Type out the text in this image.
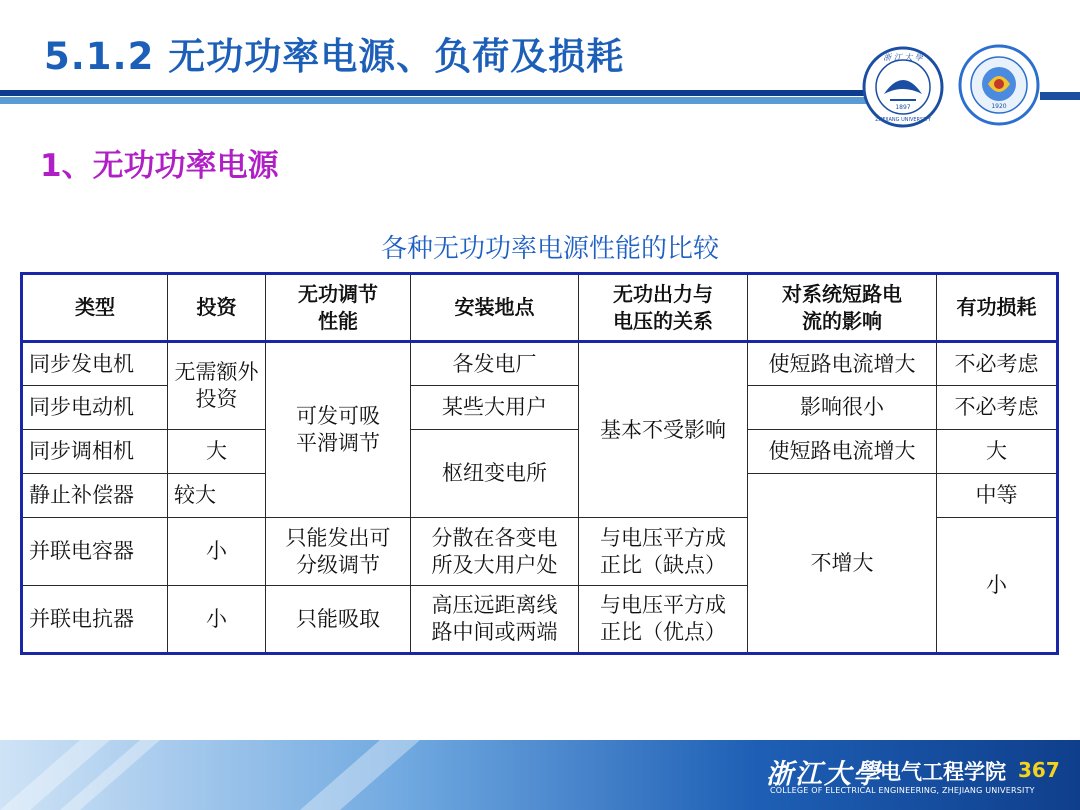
5.1.2 无功功率电源、负荷及损耗	浙 江 大 學
1897
ZHEJIANG UNIVERSITY
1920
1、无功功率电源
各种无功功率电源性能的比较
类型	投资	无功调节性能	安装地点	无功出力与电压的关系	对系统短路电流的影响	有功损耗
同步发电机	无需额外投资	可发可吸平滑调节	各发电厂	基本不受影响	使短路电流增大	不必考虑
同步电动机			某些大用户		影响很小	不必考虑
同步调相机	大		枢纽变电所		使短路电流增大	大
静止补偿器	较大				不增大	中等
并联电容器	小	只能发出可分级调节	分散在各变电所及大用户处	与电压平方成正比（缺点）		小
并联电抗器	小	只能吸取	高压远距离线路中间或两端	与电压平方成正比（优点）		
浙江大學
电气工程学院 367
COLLEGE OF ELECTRICAL ENGINEERING, ZHEJIANG UNIVERSITY
